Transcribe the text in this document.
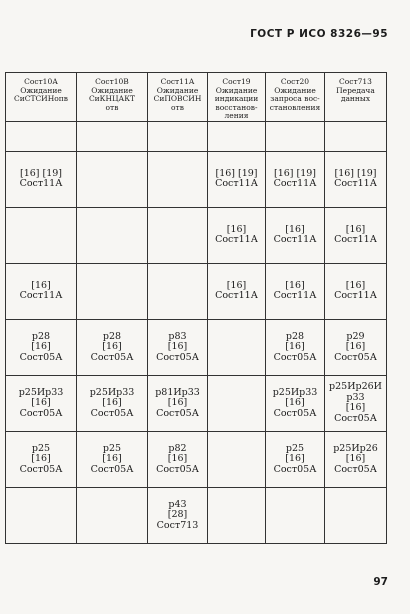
ГОСТ Р ИСО 8326—95
Сост10А
Ожидание
СиСТСИНопв	Сост10В
Ожидание
СиКНЦАКТ
отв	Сост11А
Ожидание
СиПОВСИН
отв	Сост19
Ожидание
индикации
восстанов-
ления	Сост20
Ожидание
запроса вос-
становления	Сост713
Передача
данных

[16] [19]
Сост11А			[16] [19]
Сост11А	[16] [19]
Сост11А	[16] [19]
Сост11А

			[16]
Сост11А	[16]
Сост11А	[16]
Сост11А

[16]
Сост11А			[16]
Сост11А	[16]
Сост11А	[16]
Сост11А

p28
[16]
Сост05А	p28
[16]
Сост05А	p83
[16]
Сост05А		p28
[16]
Сост05А	p29
[16]
Сост05А

p25Ир33
[16]
Сост05А	p25Ир33
[16]
Сост05А	p81Ир33
[16]
Сост05А		p25Ир33
[16]
Сост05А	p25Ир26И
р33
[16]
Сост05А

p25
[16]
Сост05А	p25
[16]
Сост05А	p82
[16]
Сост05А		p25
[16]
Сост05А	p25Ир26
[16]
Сост05А

		p43
[28]
Сост713			

97
